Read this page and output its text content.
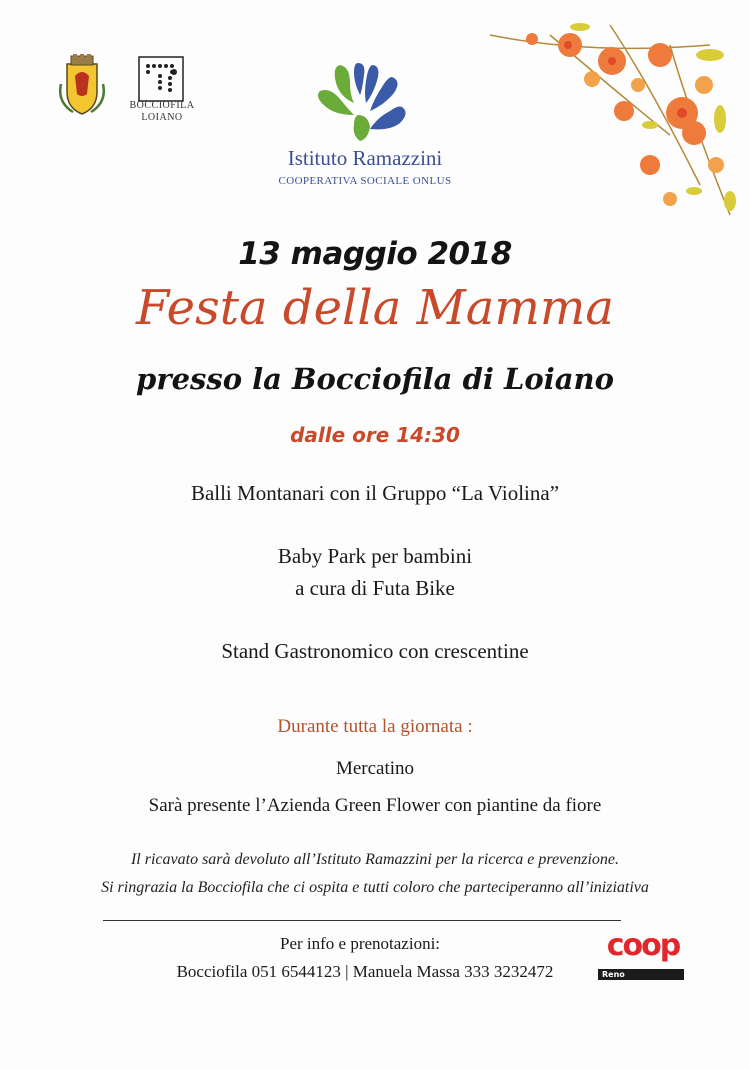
BOCCIOFILA
LOIANO
Istituto Ramazzini
COOPERATIVA SOCIALE ONLUS
13 maggio 2018
Festa della Mamma
presso la Bocciofila di Loiano
dalle ore 14:30
Balli Montanari con il Gruppo “La Violina”
Baby Park per bambini
a cura di Futa Bike
Stand Gastronomico con crescentine
Durante tutta la giornata :
Mercatino
Sarà presente l’Azienda Green Flower con piantine da fiore
Il ricavato sarà devoluto all’Istituto Ramazzini per la ricerca e prevenzione.
Si ringrazia la Bocciofila che ci ospita e tutti coloro che parteciperanno all’iniziativa
Per info e prenotazioni:
Bocciofila 051 6544123 | Manuela Massa 333 3232472
coop
Reno
